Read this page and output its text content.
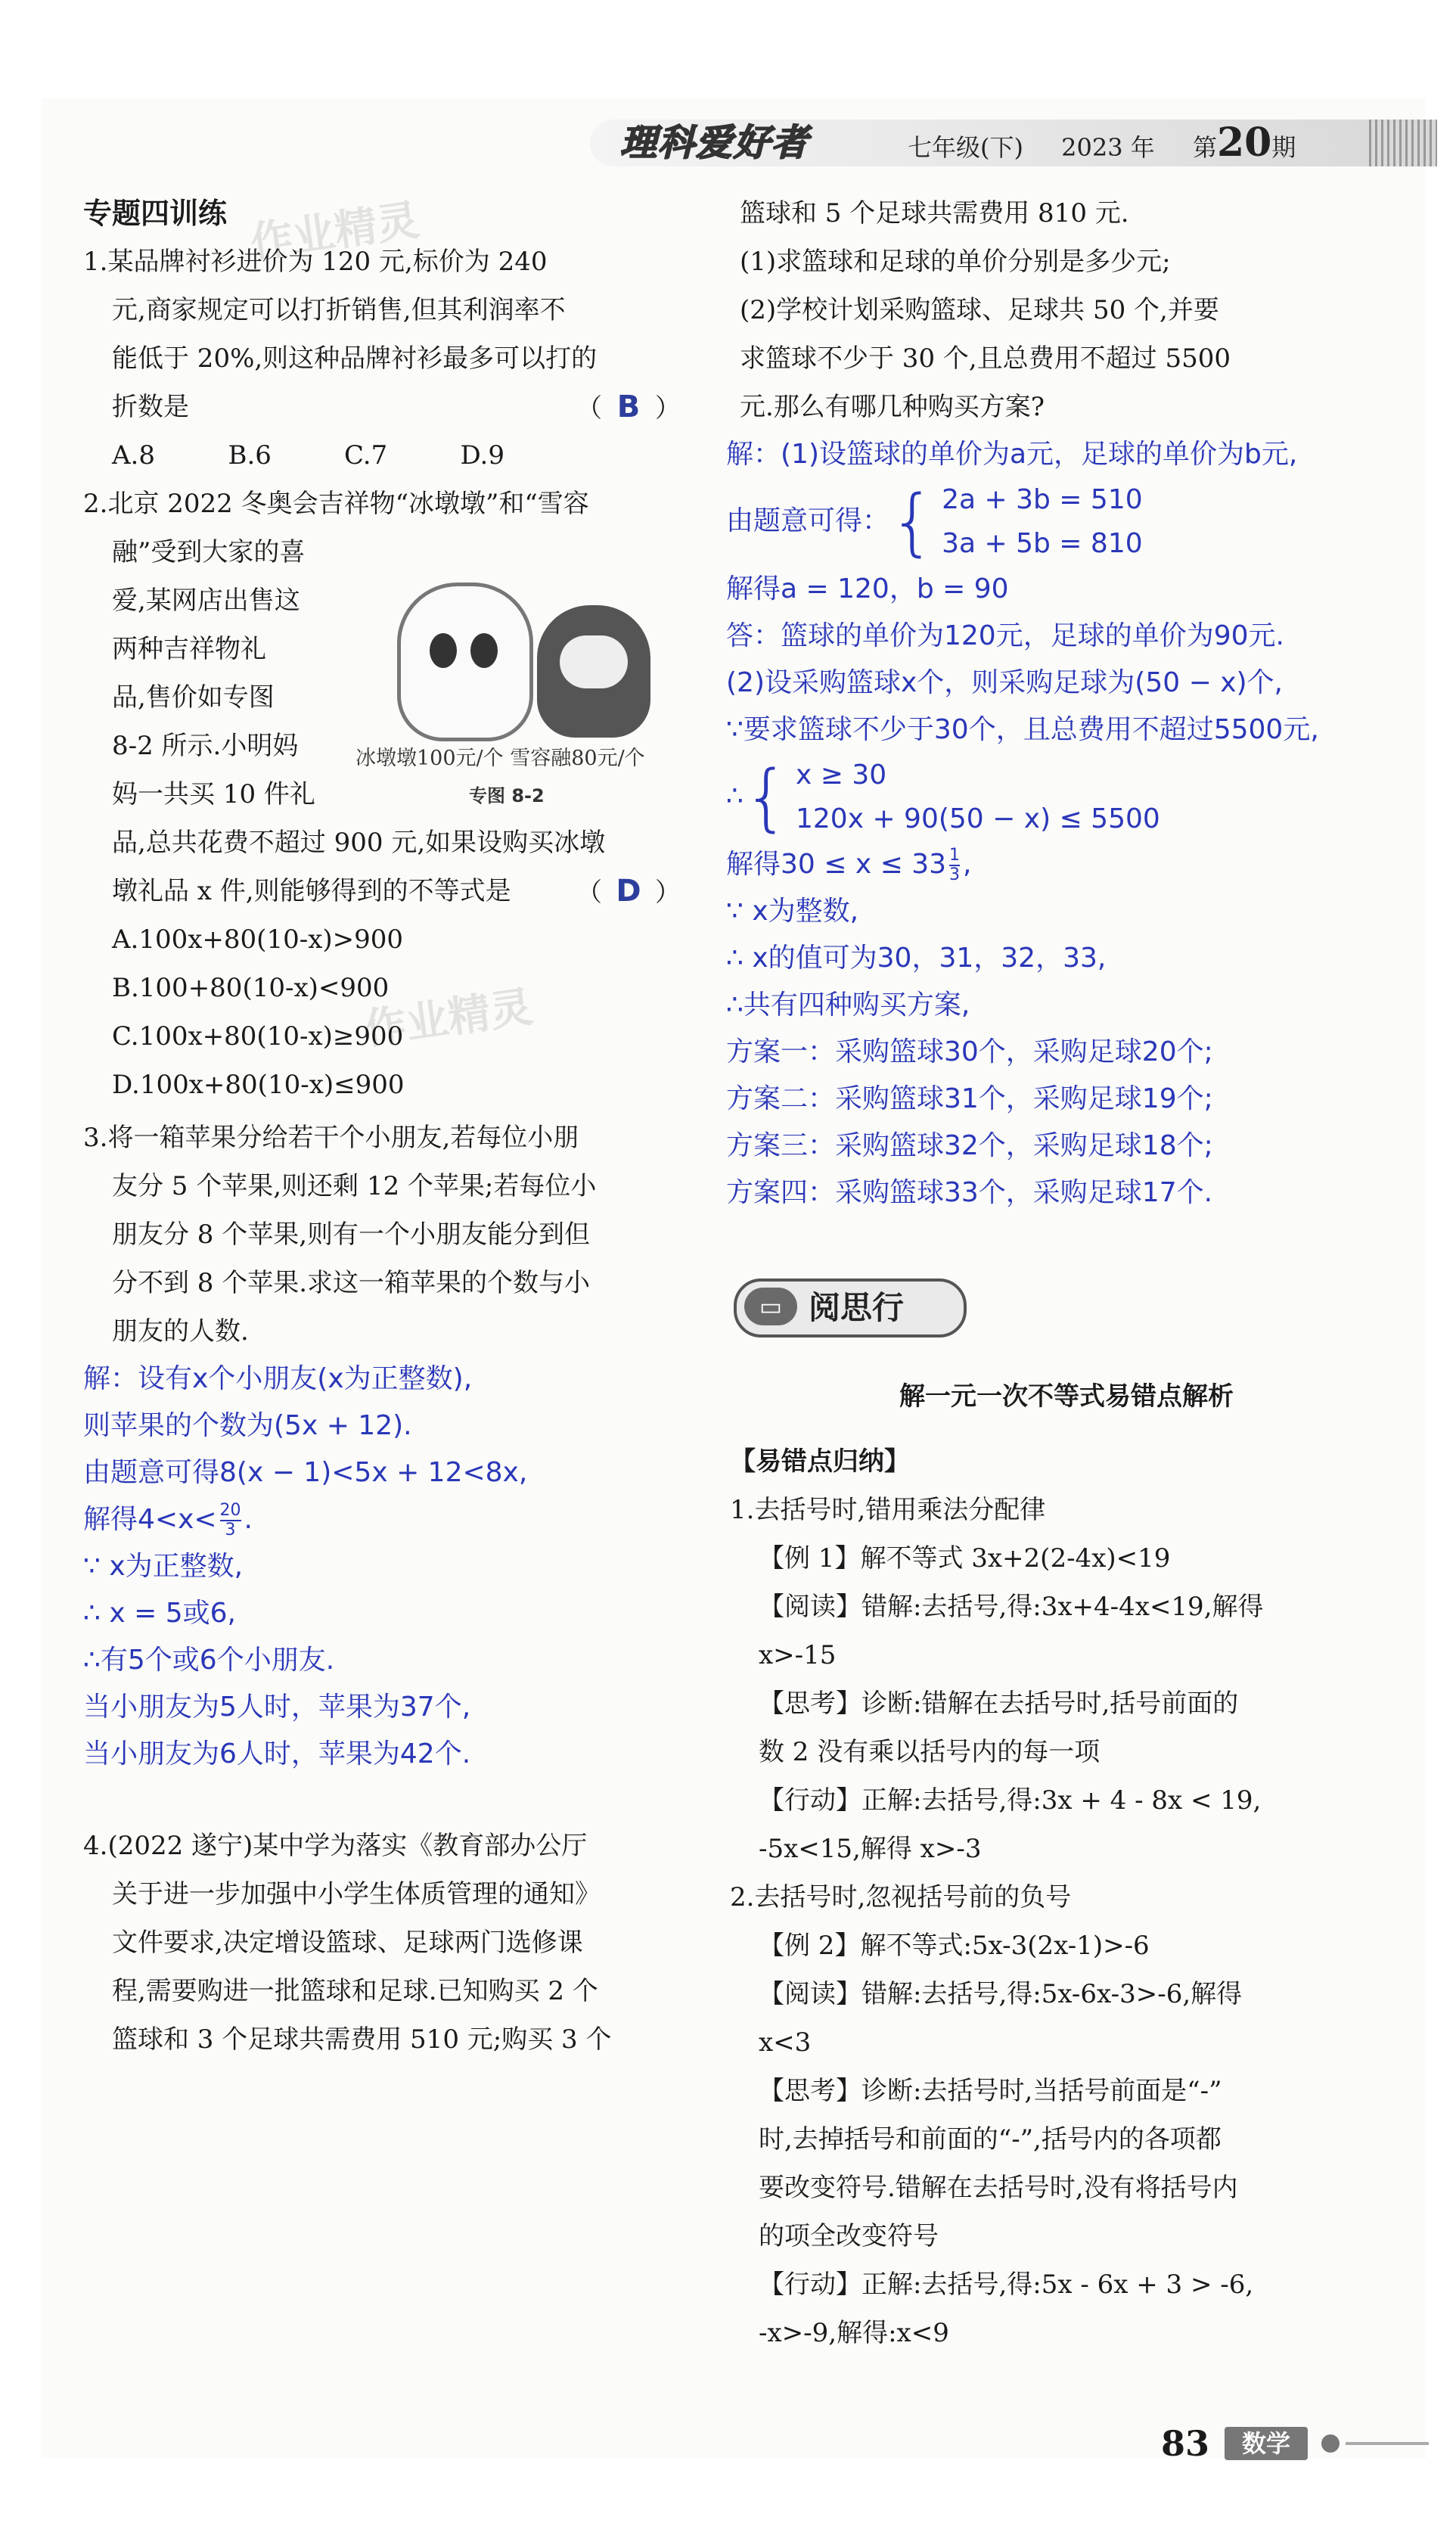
理科爱好者	七年级(下) 2023 年 第20期
作业精灵
作业精灵
专题四训练
1.某品牌衬衫进价为 120 元,标价为 240
元,商家规定可以打折销售,但其利润率不
能低于 20%,则这种品牌衬衫最多可以打的
折数是	（ B ）
A.8	B.6	C.7	D.9
2.北京 2022 冬奥会吉祥物“冰墩墩”和“雪容
融”受到大家的喜
爱,某网店出售这
两种吉祥物礼
品,售价如专图
8-2 所示.小明妈
妈一共买 10 件礼
品,总共花费不超过 900 元,如果设购买冰墩
墩礼品 x 件,则能够得到的不等式是	（ D ）
A.100x+80(10-x)>900
B.100+80(10-x)<900
C.100x+80(10-x)≥900
D.100x+80(10-x)≤900
3.将一箱苹果分给若干个小朋友,若每位小朋
友分 5 个苹果,则还剩 12 个苹果;若每位小
朋友分 8 个苹果,则有一个小朋友能分到但
分不到 8 个苹果.求这一箱苹果的个数与小
朋友的人数.
解：设有x个小朋友(x为正整数),
则苹果的个数为(5x + 12).
由题意可得8(x − 1)<5x + 12<8x,
解得$4<x< \frac{20}{3}$ .
∵ x为正整数,
∴ x = 5或6,
∴有5个或6个小朋友.
当小朋友为5人时，苹果为37个,
当小朋友为6人时，苹果为42个.
4.(2022 遂宁)某中学为落实《教育部办公厅
关于进一步加强中小学生体质管理的通知》
文件要求,决定增设篮球、足球两门选修课
程,需要购进一批篮球和足球.已知购买 2 个
篮球和 3 个足球共需费用 510 元;购买 3 个
冰墩墩100元/个 雪容融80元/个
专图 8-2
篮球和 5 个足球共需费用 810 元.
(1)求篮球和足球的单价分别是多少元;
(2)学校计划采购篮球、足球共 50 个,并要
求篮球不少于 30 个,且总费用不超过 5500
元.那么有哪几种购买方案?
解：(1)设篮球的单价为a元，足球的单价为b元,
由题意可得： { 2a + 3b = 510
3a + 5b = 810
解得a = 120，b = 90
答：篮球的单价为120元，足球的单价为90元.
(2)设采购篮球x个，则采购足球为(50 − x)个,
∵要求篮球不少于30个，且总费用不超过5500元,
∴ { x ≥ 30
120x + 90(50 − x) ≤ 5500
解得$30 \le x \le 33 \frac{1}{3}$ ,
∵ x为整数,
∴ x的值可为30，31，32，33,
∴共有四种购买方案,
方案一：采购篮球30个，采购足球20个;
方案二：采购篮球31个，采购足球19个;
方案三：采购篮球32个，采购足球18个;
方案四：采购篮球33个，采购足球17个.
▭ 阅思行
解一元一次不等式易错点解析
【易错点归纳】
1.去括号时,错用乘法分配律
【例 1】解不等式 3x+2(2-4x)<19
【阅读】错解:去括号,得:3x+4-4x<19,解得
x>-15
【思考】诊断:错解在去括号时,括号前面的
数 2 没有乘以括号内的每一项
【行动】正解:去括号,得:3x + 4 - 8x < 19,
-5x<15,解得 x>-3
2.去括号时,忽视括号前的负号
【例 2】解不等式:5x-3(2x-1)>-6
【阅读】错解:去括号,得:5x-6x-3>-6,解得
x<3
【思考】诊断:去括号时,当括号前面是“-”
时,去掉括号和前面的“-”,括号内的各项都
要改变符号.错解在去括号时,没有将括号内
的项全改变符号
【行动】正解:去括号,得:5x - 6x + 3 > -6,
-x>-9,解得:x<9
83	数学
